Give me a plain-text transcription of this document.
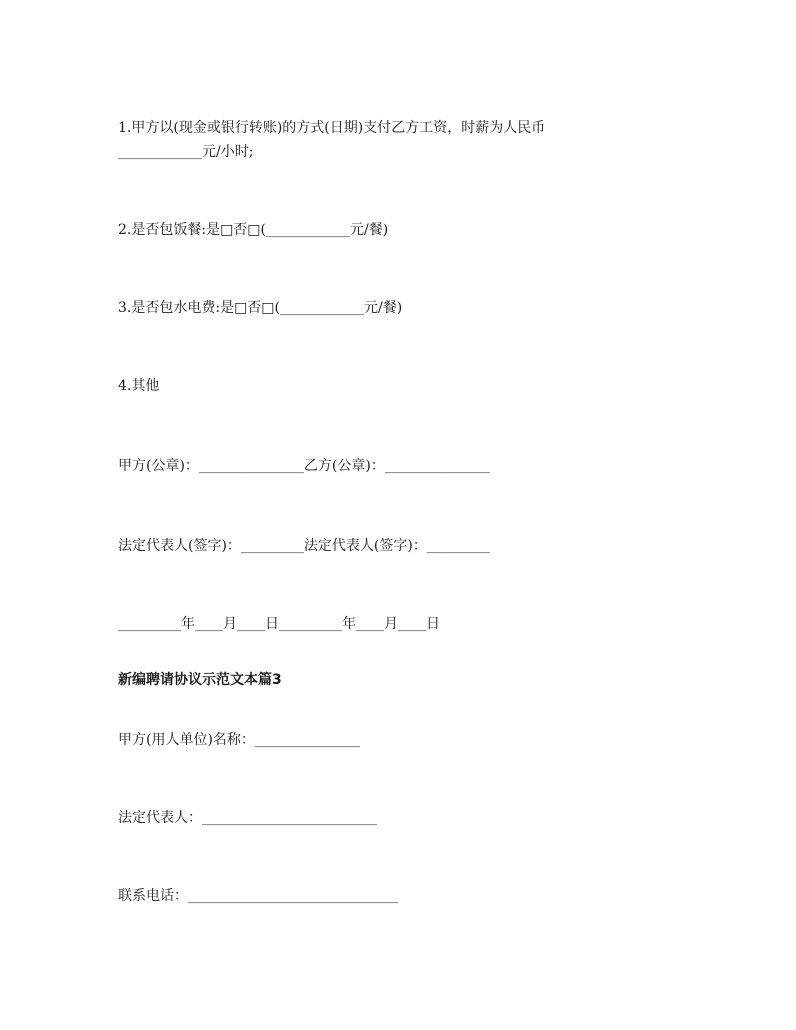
1.甲方以(现金或银行转账)的方式(日期)支付乙方工资，时薪为人民币
____________元/小时;
2.是否包饭餐:是□否□(____________元/餐)
3.是否包水电费:是□否□(____________元/餐)
4.其他
甲方(公章)：_______________乙方(公章)：_______________
法定代表人(签字)：_________法定代表人(签字)：_________
_________年____月____日_________年____月____日
新编聘请协议示范文本篇3
甲方(用人单位)名称：_______________
法定代表人：_________________________
联系电话：______________________________
